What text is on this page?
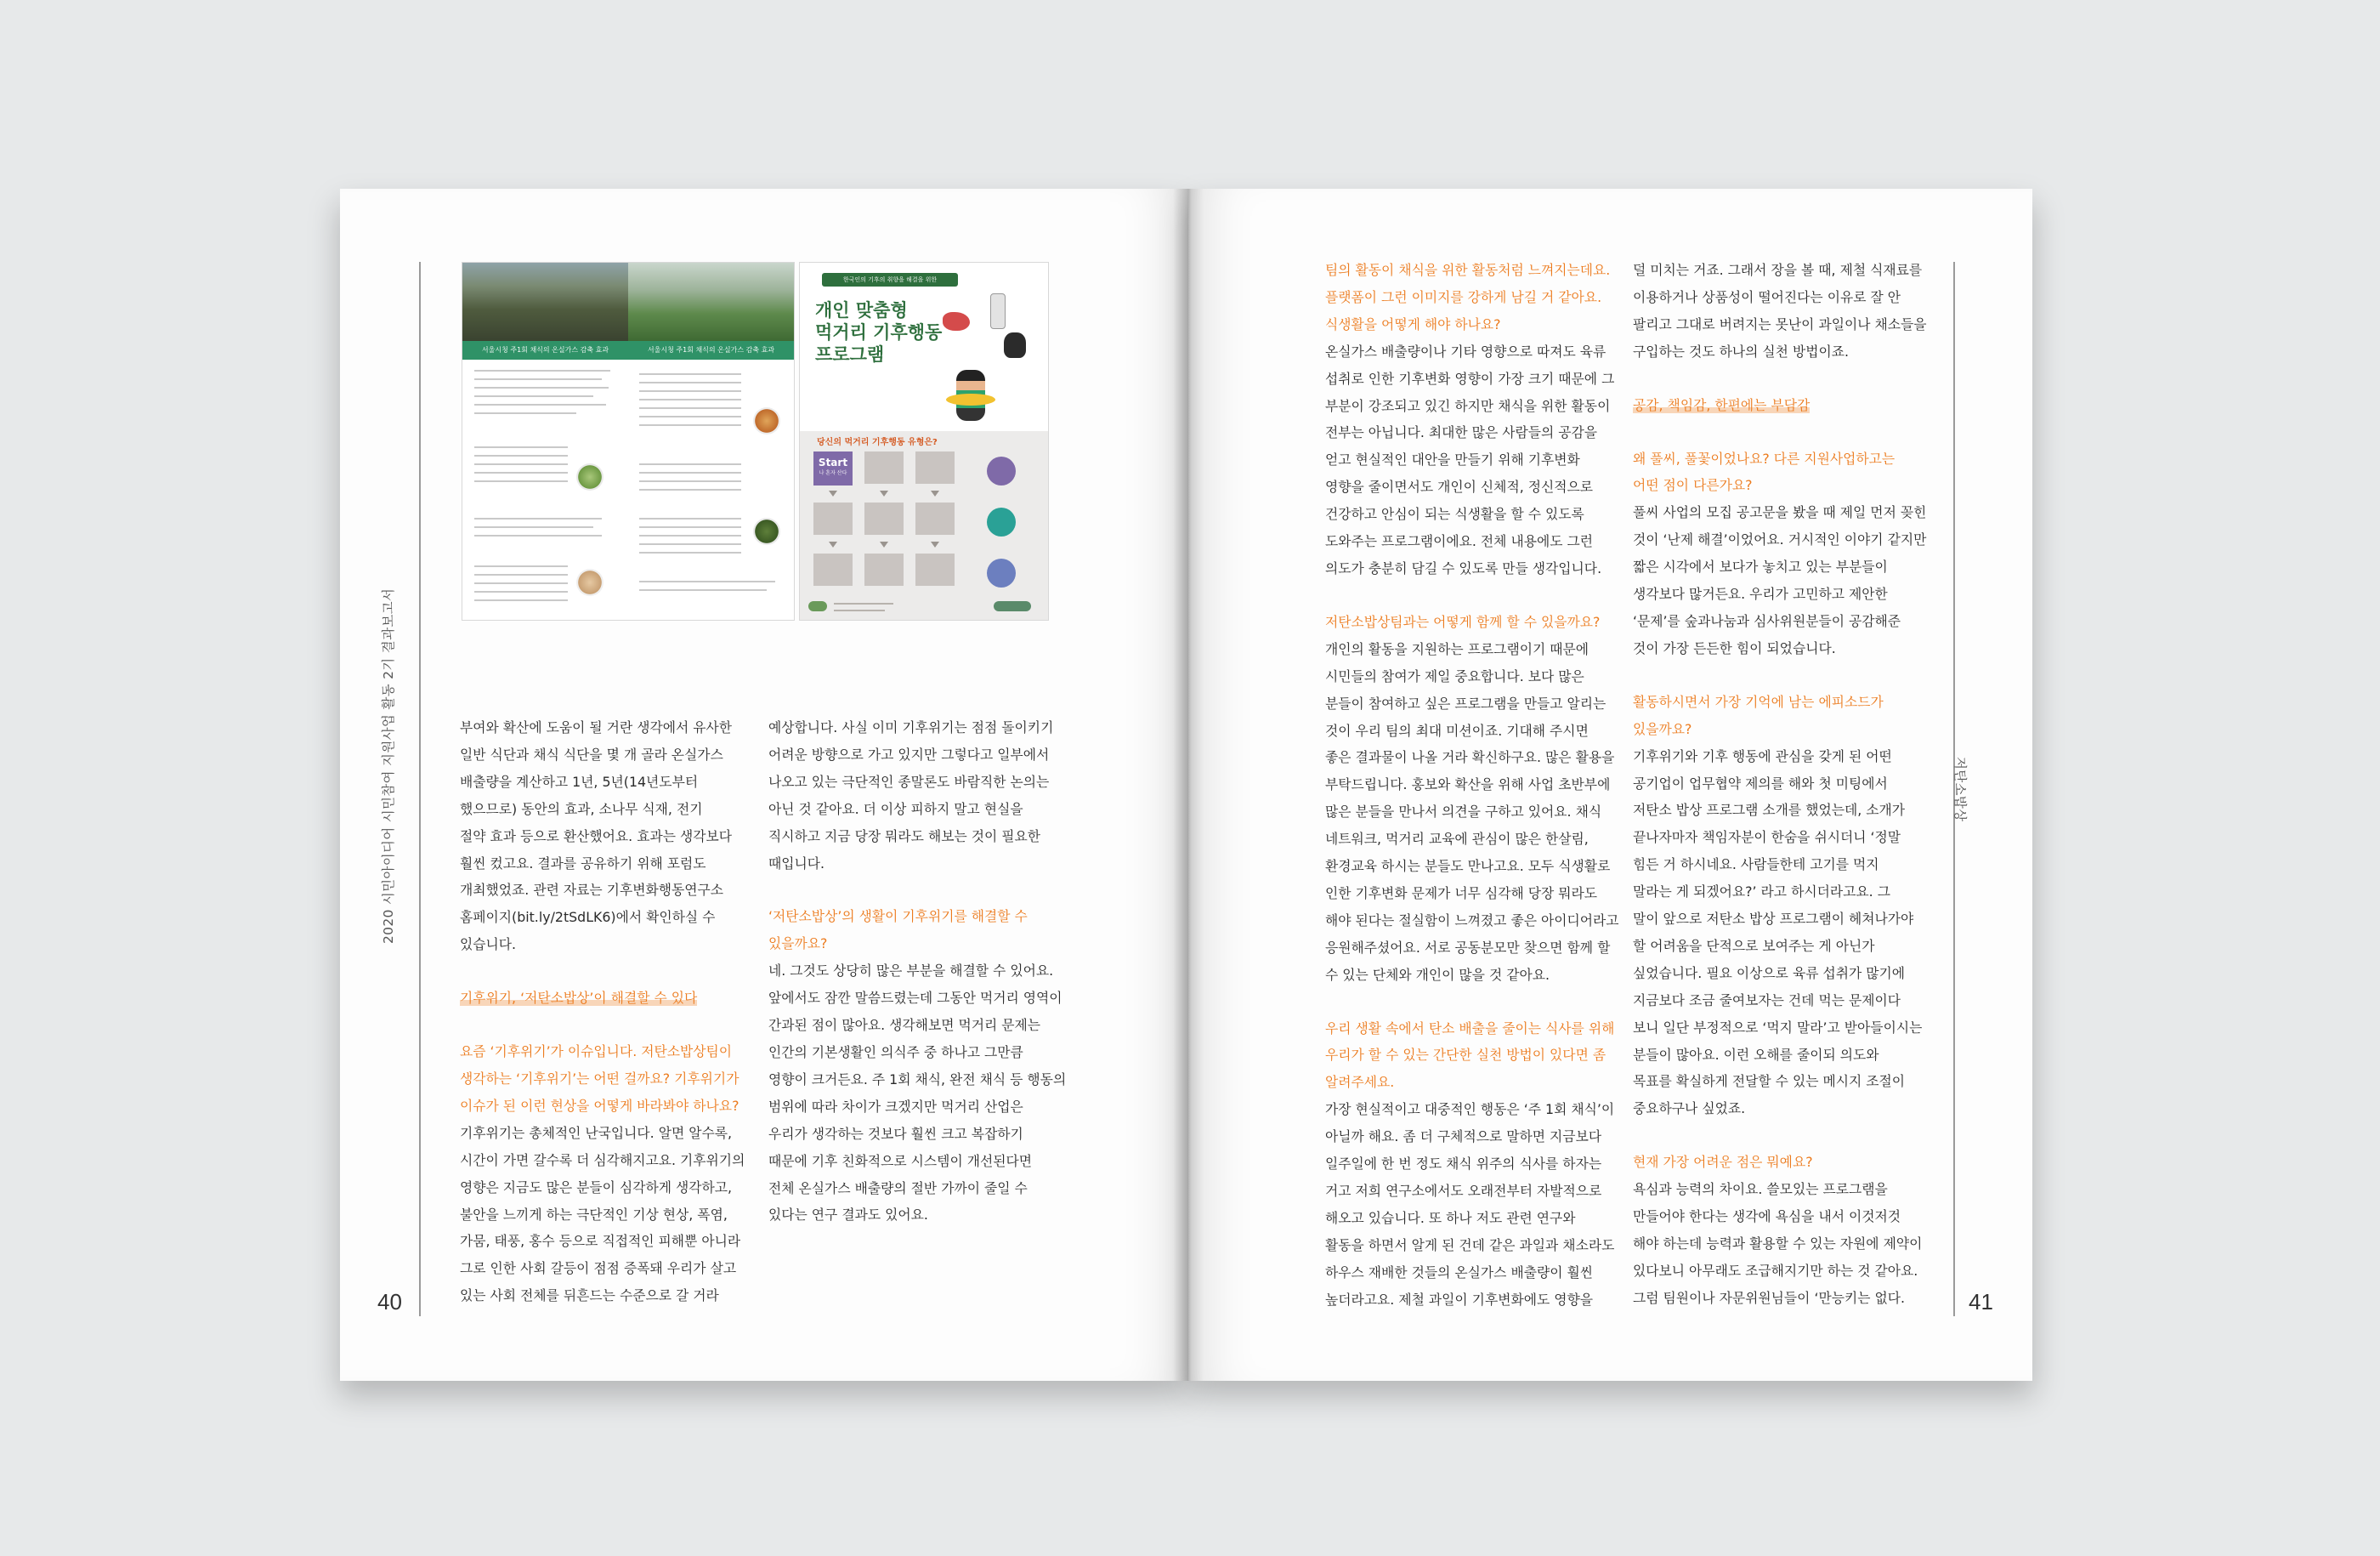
2020 시민아이디어 시민참여 지원사업 활동 2기 결과보고서
40
저탄소밥상
41
서울시청 주1회 채식의 온실가스 감축 효과	서울시청 주1회 채식의 온실가스 감축 효과
한국인의 기후의 취향을 해결을 위한
개인 맞춤형
먹거리 기후행동
프로그램
당신의 먹거리 기후행동 유형은?
Start
나 혼자 산다

부여와 확산에 도움이 될 거란 생각에서 유사한

일반 식단과 채식 식단을 몇 개 골라 온실가스

배출량을 계산하고 1년, 5년(14년도부터

했으므로) 동안의 효과, 소나무 식재, 전기

절약 효과 등으로 환산했어요. 효과는 생각보다

훨씬 컸고요. 결과를 공유하기 위해 포럼도

개최했었죠. 관련 자료는 기후변화행동연구소

홈페이지(bit.ly/2tSdLK6)에서 확인하실 수

있습니다.

기후위기, ‘저탄소밥상’이 해결할 수 있다

요즘 ‘기후위기’가 이슈입니다. 저탄소밥상팀이

생각하는 ‘기후위기’는 어떤 걸까요? 기후위기가

이슈가 된 이런 현상을 어떻게 바라봐야 하나요?

기후위기는 총체적인 난국입니다. 알면 알수록,

시간이 가면 갈수록 더 심각해지고요. 기후위기의

영향은 지금도 많은 분들이 심각하게 생각하고,

불안을 느끼게 하는 극단적인 기상 현상, 폭염,

가뭄, 태풍, 홍수 등으로 직접적인 피해뿐 아니라

그로 인한 사회 갈등이 점점 증폭돼 우리가 살고

있는 사회 전체를 뒤흔드는 수준으로 갈 거라

예상합니다. 사실 이미 기후위기는 점점 돌이키기

어려운 방향으로 가고 있지만 그렇다고 일부에서

나오고 있는 극단적인 종말론도 바람직한 논의는

아닌 것 같아요. 더 이상 피하지 말고 현실을

직시하고 지금 당장 뭐라도 해보는 것이 필요한

때입니다.

‘저탄소밥상’의 생활이 기후위기를 해결할 수

있을까요?

네. 그것도 상당히 많은 부분을 해결할 수 있어요.

앞에서도 잠깐 말씀드렸는데 그동안 먹거리 영역이

간과된 점이 많아요. 생각해보면 먹거리 문제는

인간의 기본생활인 의식주 중 하나고 그만큼

영향이 크거든요. 주 1회 채식, 완전 채식 등 행동의

범위에 따라 차이가 크겠지만 먹거리 산업은

우리가 생각하는 것보다 훨씬 크고 복잡하기

때문에 기후 친화적으로 시스템이 개선된다면

전체 온실가스 배출량의 절반 가까이 줄일 수

있다는 연구 결과도 있어요.

팀의 활동이 채식을 위한 활동처럼 느껴지는데요.

플랫폼이 그런 이미지를 강하게 남길 거 같아요.

식생활을 어떻게 해야 하나요?

온실가스 배출량이나 기타 영향으로 따져도 육류

섭취로 인한 기후변화 영향이 가장 크기 때문에 그

부분이 강조되고 있긴 하지만 채식을 위한 활동이

전부는 아닙니다. 최대한 많은 사람들의 공감을

얻고 현실적인 대안을 만들기 위해 기후변화

영향을 줄이면서도 개인이 신체적, 정신적으로

건강하고 안심이 되는 식생활을 할 수 있도록

도와주는 프로그램이에요. 전체 내용에도 그런

의도가 충분히 담길 수 있도록 만들 생각입니다.

저탄소밥상팀과는 어떻게 함께 할 수 있을까요?

개인의 활동을 지원하는 프로그램이기 때문에

시민들의 참여가 제일 중요합니다. 보다 많은

분들이 참여하고 싶은 프로그램을 만들고 알리는

것이 우리 팀의 최대 미션이죠. 기대해 주시면

좋은 결과물이 나올 거라 확신하구요. 많은 활용을

부탁드립니다. 홍보와 확산을 위해 사업 초반부에

많은 분들을 만나서 의견을 구하고 있어요. 채식

네트워크, 먹거리 교육에 관심이 많은 한살림,

환경교육 하시는 분들도 만나고요. 모두 식생활로

인한 기후변화 문제가 너무 심각해 당장 뭐라도

해야 된다는 절실함이 느껴졌고 좋은 아이디어라고

응원해주셨어요. 서로 공동분모만 찾으면 함께 할

수 있는 단체와 개인이 많을 것 같아요.

우리 생활 속에서 탄소 배출을 줄이는 식사를 위해

우리가 할 수 있는 간단한 실천 방법이 있다면 좀

알려주세요.

가장 현실적이고 대중적인 행동은 ‘주 1회 채식’이

아닐까 해요. 좀 더 구체적으로 말하면 지금보다

일주일에 한 번 정도 채식 위주의 식사를 하자는

거고 저희 연구소에서도 오래전부터 자발적으로

해오고 있습니다. 또 하나 저도 관련 연구와

활동을 하면서 알게 된 건데 같은 과일과 채소라도

하우스 재배한 것들의 온실가스 배출량이 훨씬

높더라고요. 제철 과일이 기후변화에도 영향을

덜 미치는 거죠. 그래서 장을 볼 때, 제철 식재료를

이용하거나 상품성이 떨어진다는 이유로 잘 안

팔리고 그대로 버려지는 못난이 과일이나 채소들을

구입하는 것도 하나의 실천 방법이죠.

공감, 책임감, 한편에는 부담감

왜 풀씨, 풀꽃이었나요? 다른 지원사업하고는

어떤 점이 다른가요?

풀씨 사업의 모집 공고문을 봤을 때 제일 먼저 꽂힌

것이 ‘난제 해결’이었어요. 거시적인 이야기 같지만

짧은 시각에서 보다가 놓치고 있는 부분들이

생각보다 많거든요. 우리가 고민하고 제안한

‘문제’를 숲과나눔과 심사위원분들이 공감해준

것이 가장 든든한 힘이 되었습니다.

활동하시면서 가장 기억에 남는 에피소드가

있을까요?

기후위기와 기후 행동에 관심을 갖게 된 어떤

공기업이 업무협약 제의를 해와 첫 미팅에서

저탄소 밥상 프로그램 소개를 했었는데, 소개가

끝나자마자 책임자분이 한숨을 쉬시더니 ‘정말

힘든 거 하시네요. 사람들한테 고기를 먹지

말라는 게 되겠어요?’ 라고 하시더라고요. 그

말이 앞으로 저탄소 밥상 프로그램이 헤쳐나가야

할 어려움을 단적으로 보여주는 게 아닌가

싶었습니다. 필요 이상으로 육류 섭취가 많기에

지금보다 조금 줄여보자는 건데 먹는 문제이다

보니 일단 부정적으로 ‘먹지 말라’고 받아들이시는

분들이 많아요. 이런 오해를 줄이되 의도와

목표를 확실하게 전달할 수 있는 메시지 조절이

중요하구나 싶었죠.

현재 가장 어려운 점은 뭐예요?

욕심과 능력의 차이요. 쓸모있는 프로그램을

만들어야 한다는 생각에 욕심을 내서 이것저것

해야 하는데 능력과 활용할 수 있는 자원에 제약이

있다보니 아무래도 조급해지기만 하는 것 같아요.

그럼 팀원이나 자문위원님들이 ‘만능키는 없다.
